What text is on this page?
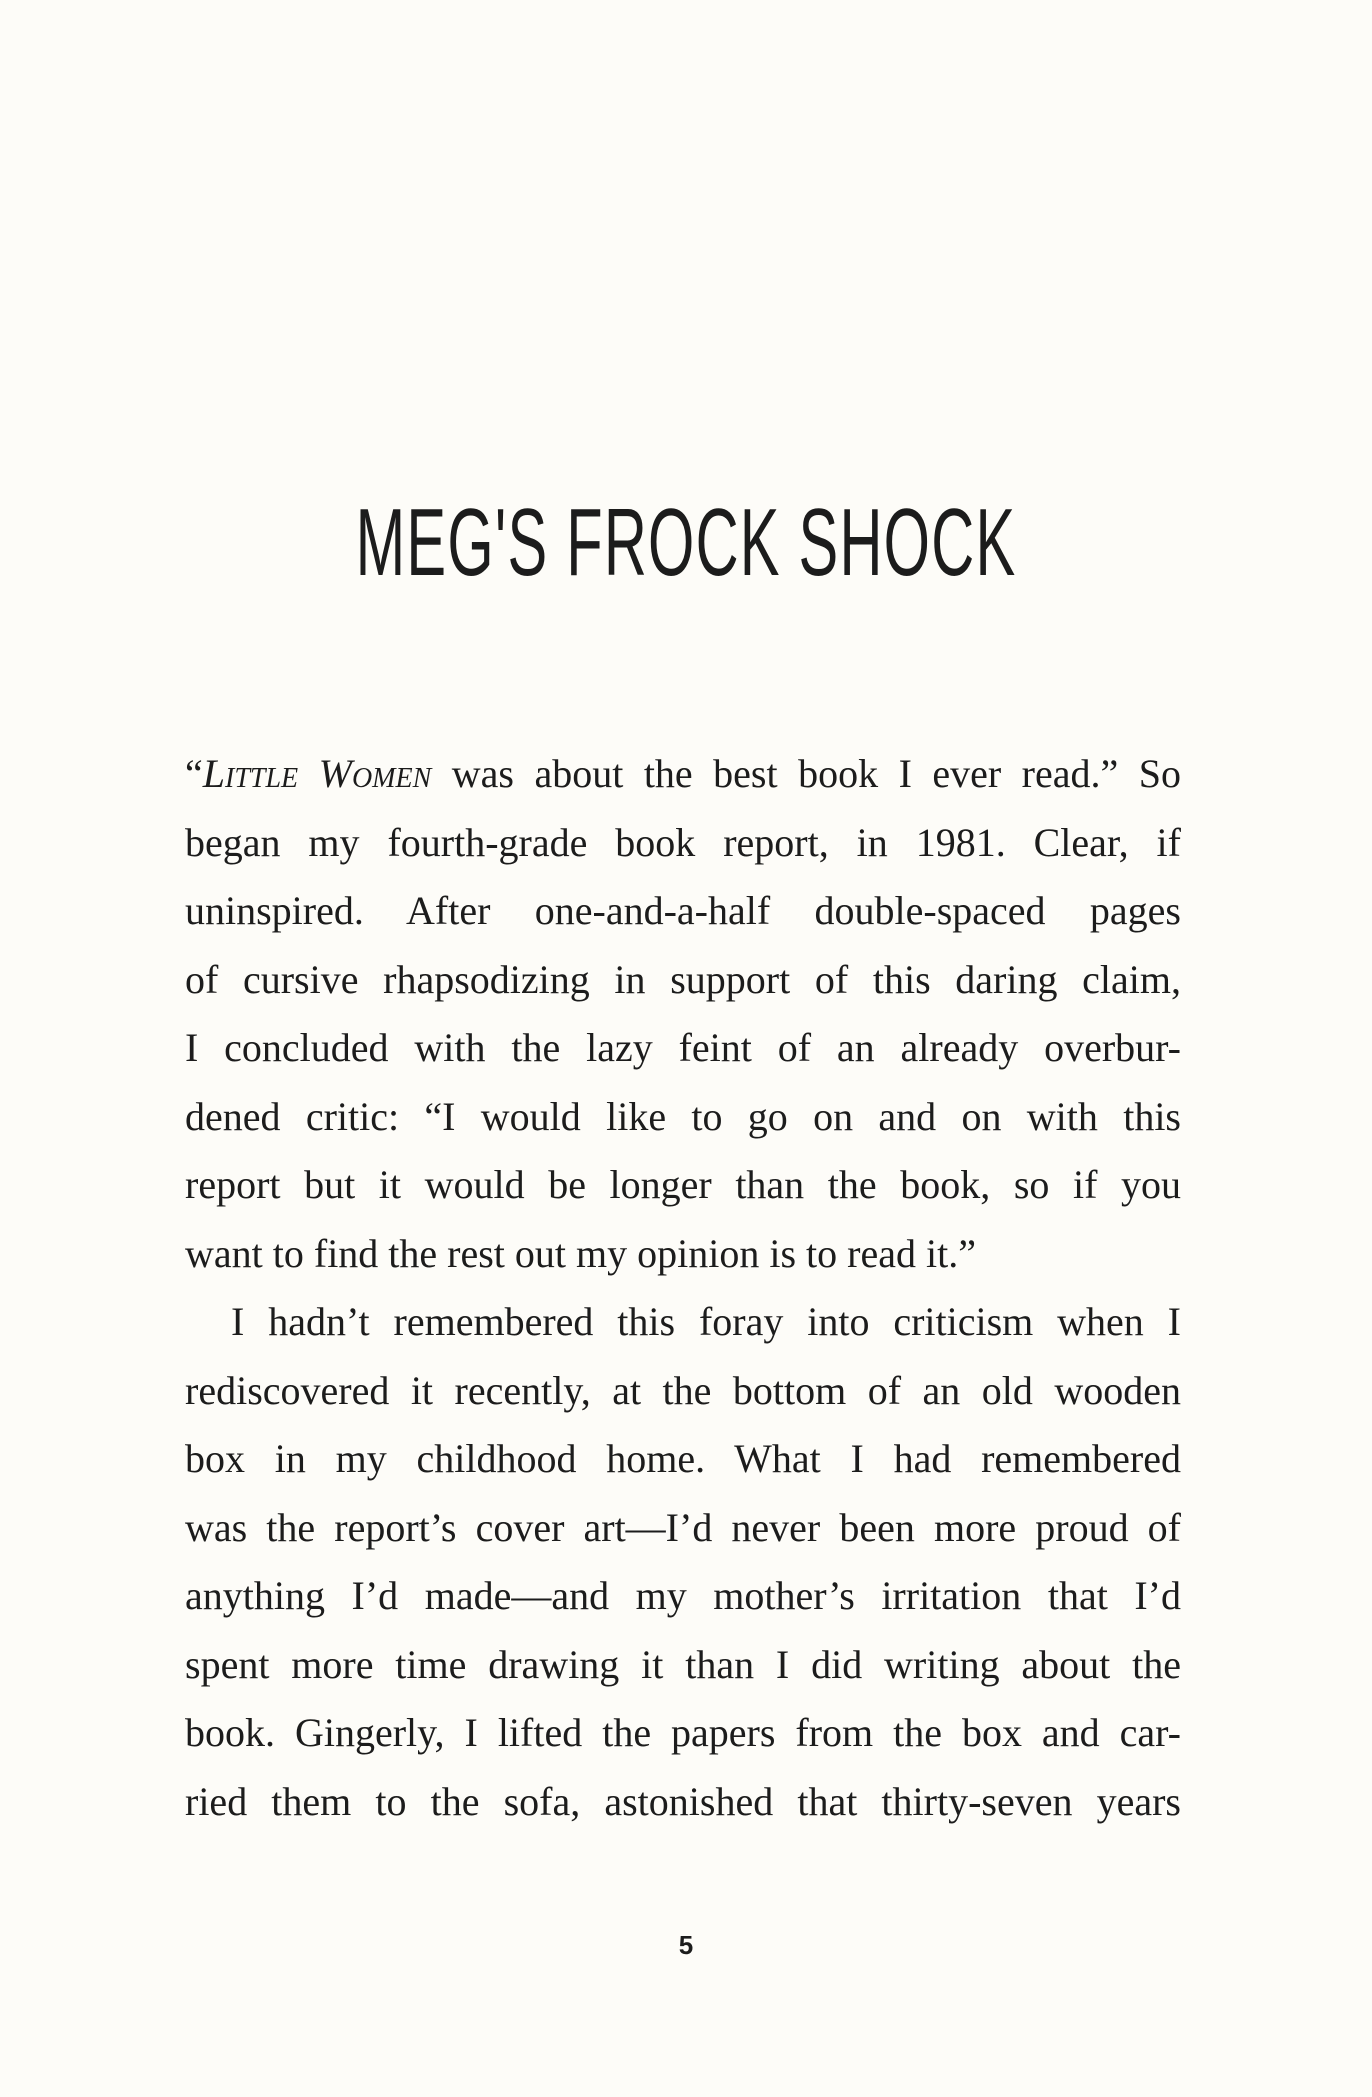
MEG'S FROCK SHOCK
“Little Women was about the best book I ever read.” So
began my fourth-grade book report, in 1981. Clear, if
uninspired. After one-and-a-half double-spaced pages
of cursive rhapsodizing in support of this daring claim,
I concluded with the lazy feint of an already overbur-
dened critic: “I would like to go on and on with this
report but it would be longer than the book, so if you
want to find the rest out my opinion is to read it.”
I hadn’t remembered this foray into criticism when I
rediscovered it recently, at the bottom of an old wooden
box in my childhood home. What I had remembered
was the report’s cover art—I’d never been more proud of
anything I’d made—and my mother’s irritation that I’d
spent more time drawing it than I did writing about the
book. Gingerly, I lifted the papers from the box and car-
ried them to the sofa, astonished that thirty-seven years
5
